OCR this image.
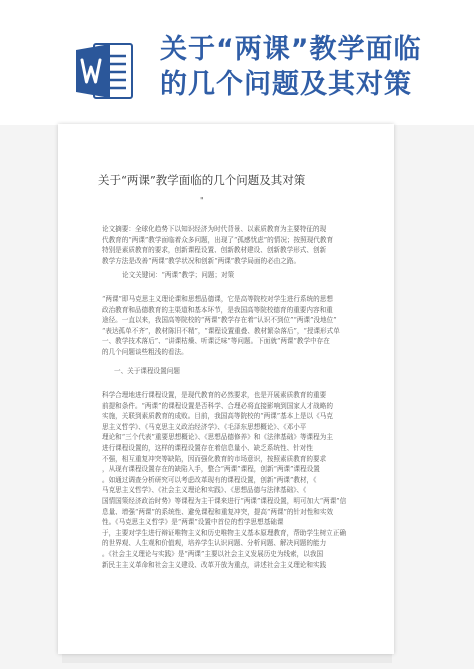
关于“两课”教学面临
的几个问题及其对策
关于“两课”教学面临的几个问题及其对策
"
论文摘要：全球化趋势下以知识经济为时代背景、以素质教育为主要特征的现
代教育的“两课”教学面临着众多问题，出现了“孤感忧虑”的情况；按照现代教育
特别是素质教育的要求，创新课程设置、创新教材建设、创新教学形式、创新
教学方法是改善“两课”教学状况和创新“两课”教学局面的必由之路。
论文关键词：“两课”教学；问题；对策
“两课”即马克思主义理论课和思想品德课，它是高等院校对学生进行系统的思想
政治教育和品德教育的主渠道和基本环节，是我国高等院校德育的重要内容和重
途径。一直以来，我国高等院校的“两课”教学存在着“认识不到位”“两课”没地位”
“表达孤单不齐”，教材陈旧不精”，“课程设置重叠、教材繁杂落后”，“授课形式单
一、教学技术落后”、“讲课枯燥、听课泛味”等问题。下面就“两课”教学中存在
的几个问题谈些粗浅的看法。
一、关于课程设置问题
科学合理地进行课程设置，是现代教育的必然要求，也是开展素质教育的重要
前提和条件。“两课”的课程设置是否科学、合理必将直接影响到国家人才战略的
实施，关联到素质教育的成败。目前，我国高等院校的“两课”基本上是以《马克
思主义哲学》、《马克思主义政治经济学》、《毛泽东思想概论》、《邓小平
理论和“三个代表”重要思想概论》、《思想品德修养》和《法律基础》等课程为主
进行课程设置的，这样的课程设置存在着信息量小、缺乏系统性、针对性
不强，相互重复冲突等缺陷，因而强化教育的市场意识，按照素质教育的要求
，从现有课程设置存在的缺陷入手，整合“两课”课程，创新“两课”课程设置
。如通过调查分析研究可以考虑改革现有的课程设置，创新“两课”教材，《
马克思主义哲学》、《社会主义理论和实践》、《思想品德与法律基础》、《
国情国策经济政治时势》等课程为主干课来进行“两课”课程设置，明可加大“两课”信
息量、增强“两课”的系统性、避免课程和重复冲突，提高“两课”的针对性和实效
性。《马克思主义哲学》是“两课”设置中首位的哲学思想基础课
于，主要对学生进行辩证唯物主义和历史唯物主义基本原理教育，帮助学生树立正确
的世界观、人生观和价值观，培养学生认识问题、分析问题、解决问题的能力
。《社会主义理论与实践》是“两课”主要以社会主义发展历史为线索，以我国
新民主主义革命和社会主义建设、改革开放为重点，讲述社会主义理论和实践
